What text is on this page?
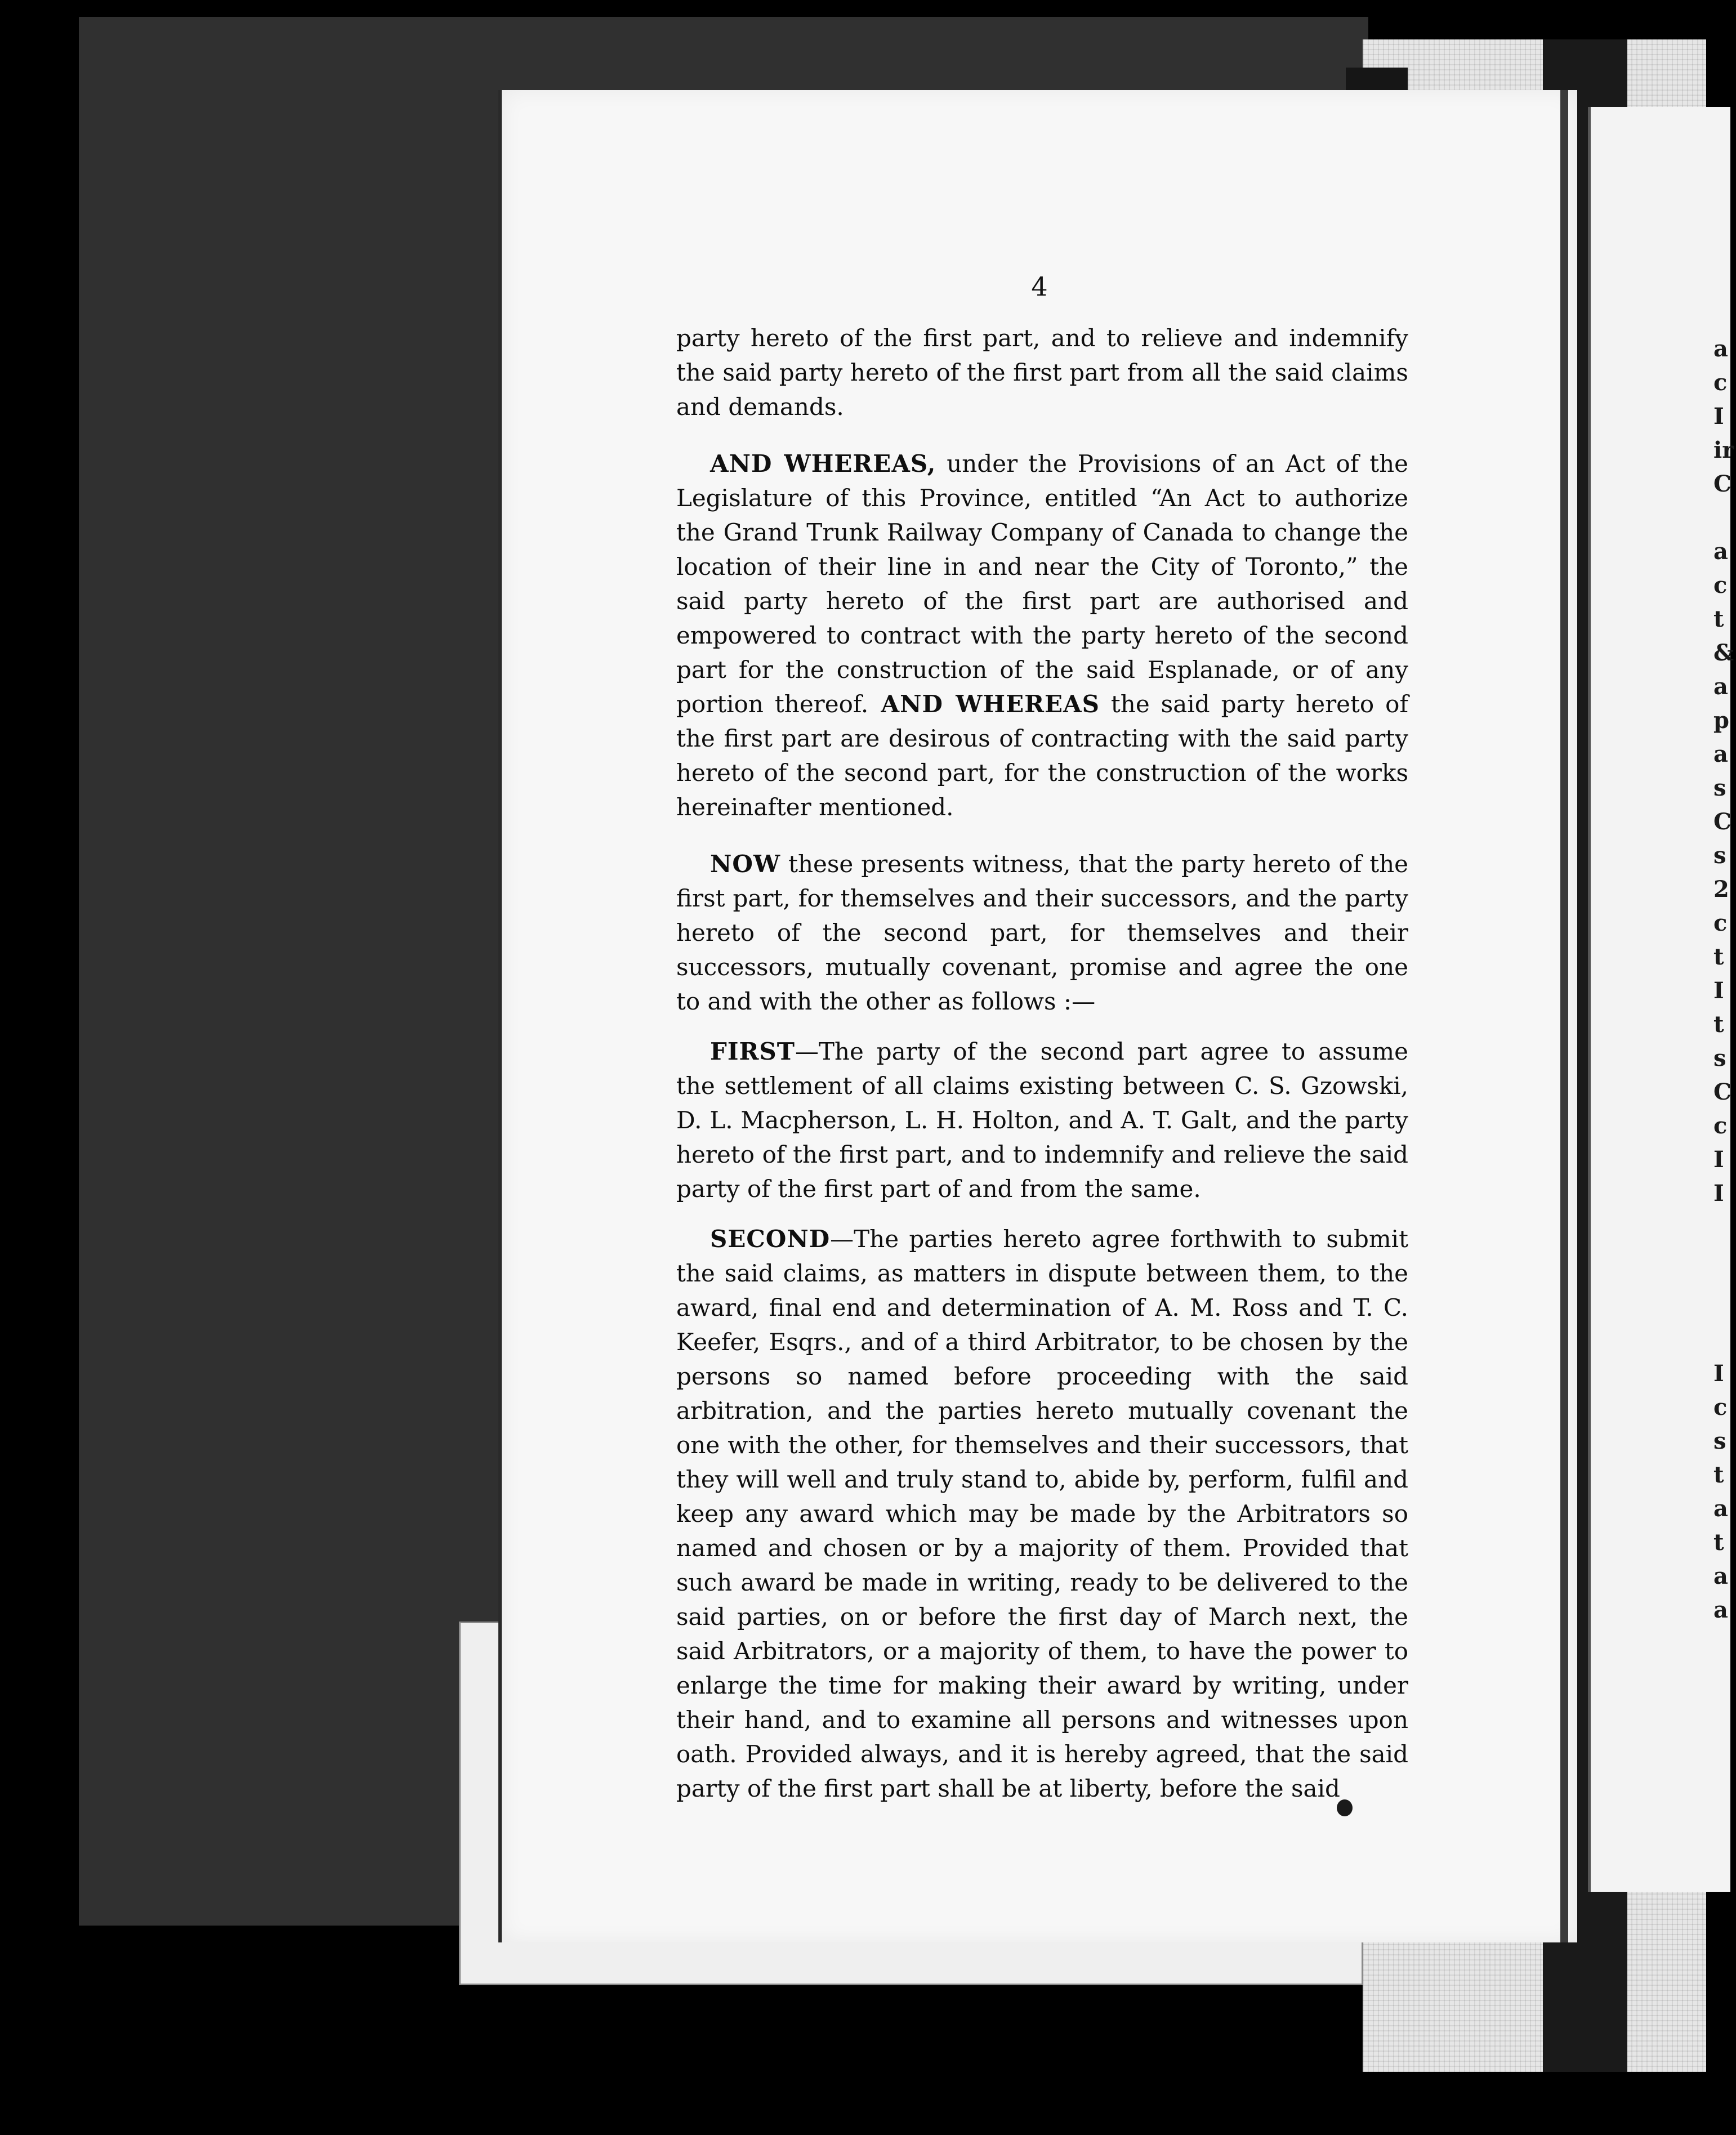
a
c
I
ir
C
a
c
t
&
a
p
a
s
C
s
2
c
t
I
t
s
C
c
I
I
I
c
s
t
a
t
a
a
4

party hereto of the first part, and to relieve and indemnify the said party hereto of the first part from all the said claims and demands.

AND WHEREAS, under the Provisions of an Act of the Legislature of this Province, entitled “An Act to authorize the Grand Trunk Railway Company of Canada to change the location of their line in and near the City of Toronto,” the said party hereto of the first part are authorised and empowered to contract with the party hereto of the second part for the construction of the said Esplanade, or of any portion thereof. AND WHEREAS the said party hereto of the first part are desirous of contracting with the said party hereto of the second part, for the construction of the works hereinafter mentioned.

NOW these presents witness, that the party hereto of the first part, for themselves and their successors, and the party hereto of the second part, for themselves and their successors, mutually covenant, promise and agree the one to and with the other as follows :—

FIRST—The party of the second part agree to assume the settlement of all claims existing between C. S. Gzowski, D. L. Macpherson, L. H. Holton, and A. T. Galt, and the party hereto of the first part, and to indemnify and relieve the said party of the first part of and from the same.

SECOND—The parties hereto agree forthwith to submit the said claims, as matters in dispute between them, to the award, final end and determination of A. M. Ross and T. C. Keefer, Esqrs., and of a third Arbitrator, to be chosen by the persons so named before proceeding with the said arbitration, and the parties hereto mutually covenant the one with the other, for themselves and their successors, that they will well and truly stand to, abide by, perform, fulfil and keep any award which may be made by the Arbitrators so named and chosen or by a majority of them. Provided that such award be made in writing, ready to be delivered to the said parties, on or before the first day of March next, the said Arbitrators, or a majority of them, to have the power to enlarge the time for making their award by writing, under their hand, and to examine all persons and witnesses upon oath. Provided always, and it is hereby agreed, that the said party of the first part shall be at liberty, before the said
